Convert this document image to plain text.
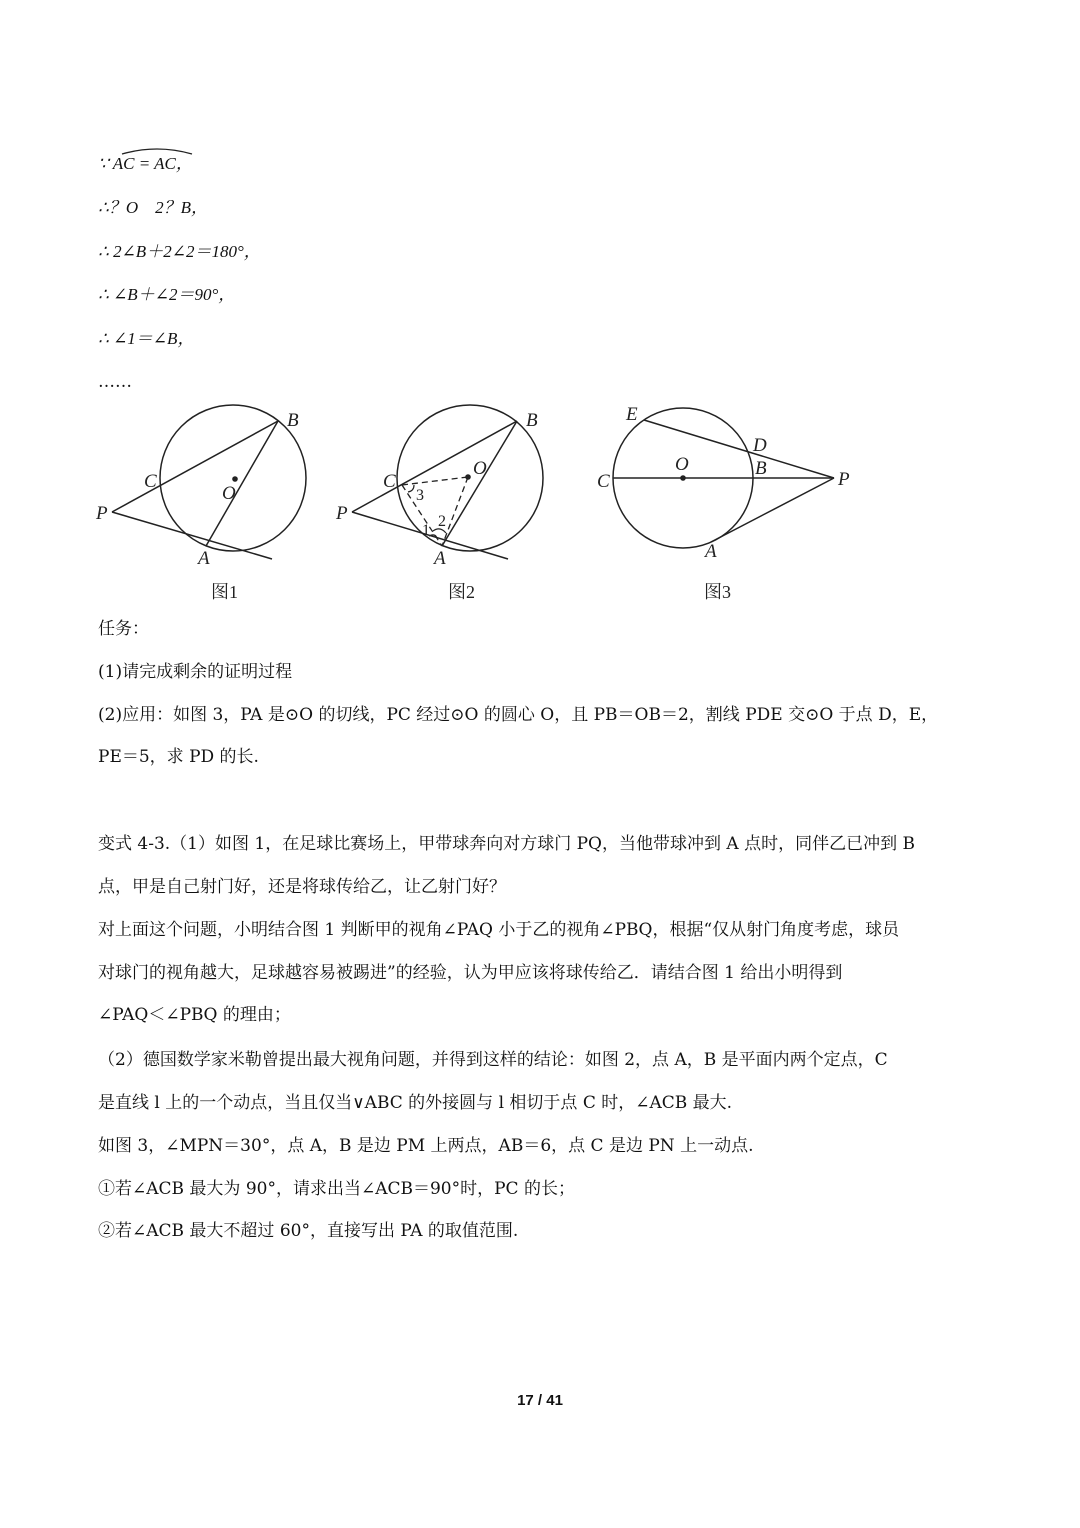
∵ AC = AC，
∴？O　2？B，
∴ 2∠B＋2∠2＝180°，
∴ ∠B＋∠2＝90°，
∴ ∠1＝∠B，
……
B
C
O
P
A
图1
B
C
O
P
A
3
2
1
图2
E
D
O	B
C	P
A
图3
任务：
(1)请完成剩余的证明过程
(2)应用：如图 3，PA 是⊙O 的切线，PC 经过⊙O 的圆心 O，且 PB＝OB＝2，割线 PDE 交⊙O 于点 D，E，
PE＝5，求 PD 的长.
变式 4-3.（1）如图 1，在足球比赛场上，甲带球奔向对方球门 PQ，当他带球冲到 A 点时，同伴乙已冲到 B
点，甲是自己射门好，还是将球传给乙，让乙射门好？
对上面这个问题，小明结合图 1 判断甲的视角∠PAQ 小于乙的视角∠PBQ，根据“仅从射门角度考虑，球员
对球门的视角越大，足球越容易被踢进”的经验，认为甲应该将球传给乙．请结合图 1 给出小明得到
∠PAQ＜∠PBQ 的理由；
（2）德国数学家米勒曾提出最大视角问题，并得到这样的结论：如图 2，点 A，B 是平面内两个定点，C
是直线 l 上的一个动点，当且仅当∨ABC 的外接圆与 l 相切于点 C 时，∠ACB 最大.
如图 3，∠MPN＝30°，点 A，B 是边 PM 上两点，AB＝6，点 C 是边 PN 上一动点.
①若∠ACB 最大为 90°，请求出当∠ACB＝90°时，PC 的长；
②若∠ACB 最大不超过 60°，直接写出 PA 的取值范围.
17 / 41
